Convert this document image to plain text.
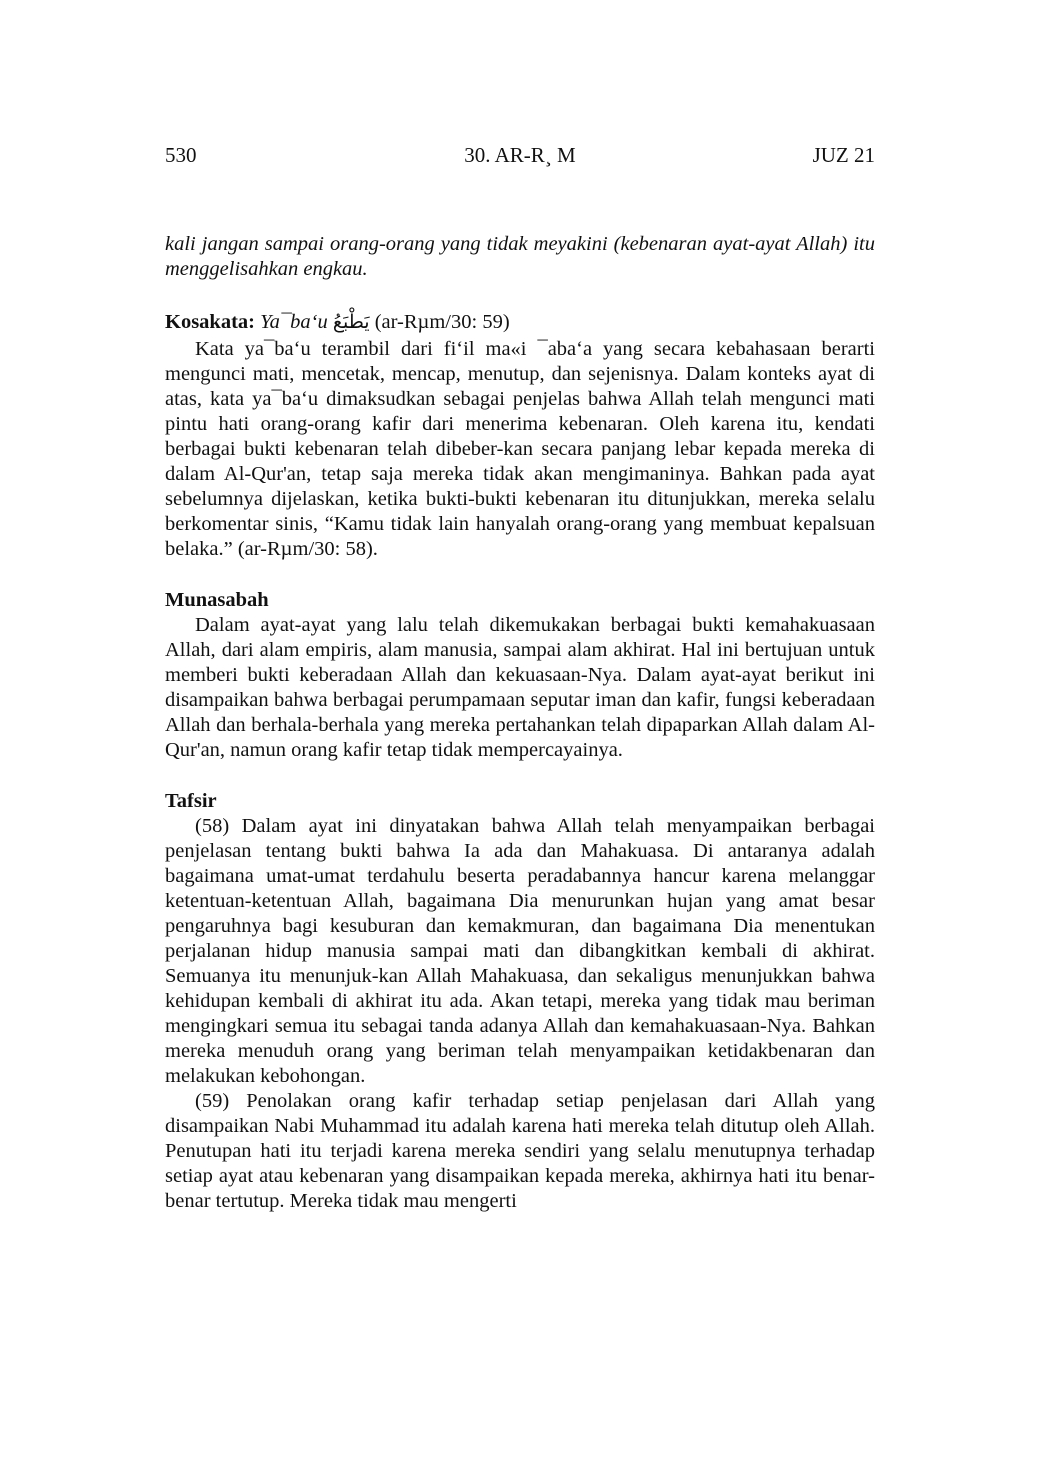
530	30. AR-R¸ M	JUZ 21

kali jangan sampai orang-orang yang tidak meyakini (kebenaran ayat-ayat Allah) itu menggelisahkan engkau.

Kosakata: Ya¯ba‘u يَطْبَعُ (ar-Rµm/30: 59)

Kata ya¯ba‘u terambil dari fi‘il ma«i ¯aba‘a yang secara kebahasaan berarti mengunci mati, mencetak, mencap, menutup, dan sejenisnya. Dalam konteks ayat di atas, kata ya¯ba‘u dimaksudkan sebagai penjelas bahwa Allah telah mengunci mati pintu hati orang-orang kafir dari menerima kebenaran. Oleh karena itu, kendati berbagai bukti kebenaran telah dibeber-kan secara panjang lebar kepada mereka di dalam Al-Qur'an, tetap saja mereka tidak akan mengimaninya. Bahkan pada ayat sebelumnya dijelaskan, ketika bukti-bukti kebenaran itu ditunjukkan, mereka selalu berkomentar sinis, “Kamu tidak lain hanyalah orang-orang yang membuat kepalsuan belaka.” (ar-Rµm/30: 58).

Munasabah

Dalam ayat-ayat yang lalu telah dikemukakan berbagai bukti kemahakuasaan Allah, dari alam empiris, alam manusia, sampai alam akhirat. Hal ini bertujuan untuk memberi bukti keberadaan Allah dan kekuasaan-Nya. Dalam ayat-ayat berikut ini disampaikan bahwa berbagai perumpamaan seputar iman dan kafir, fungsi keberadaan Allah dan berhala-berhala yang mereka pertahankan telah dipaparkan Allah dalam Al-Qur'an, namun orang kafir tetap tidak mempercayainya.

Tafsir

(58) Dalam ayat ini dinyatakan bahwa Allah telah menyampaikan berbagai penjelasan tentang bukti bahwa Ia ada dan Mahakuasa. Di antaranya adalah bagaimana umat-umat terdahulu beserta peradabannya hancur karena melanggar ketentuan-ketentuan Allah, bagaimana Dia menurunkan hujan yang amat besar pengaruhnya bagi kesuburan dan kemakmuran, dan bagaimana Dia menentukan perjalanan hidup manusia sampai mati dan dibangkitkan kembali di akhirat. Semuanya itu menunjuk-kan Allah Mahakuasa, dan sekaligus menunjukkan bahwa kehidupan kembali di akhirat itu ada. Akan tetapi, mereka yang tidak mau beriman mengingkari semua itu sebagai tanda adanya Allah dan kemahakuasaan-Nya. Bahkan mereka menuduh orang yang beriman telah menyampaikan ketidakbenaran dan melakukan kebohongan.

(59) Penolakan orang kafir terhadap setiap penjelasan dari Allah yang disampaikan Nabi Muhammad itu adalah karena hati mereka telah ditutup oleh Allah. Penutupan hati itu terjadi karena mereka sendiri yang selalu menutupnya terhadap setiap ayat atau kebenaran yang disampaikan kepada mereka, akhirnya hati itu benar-benar tertutup. Mereka tidak mau mengerti
